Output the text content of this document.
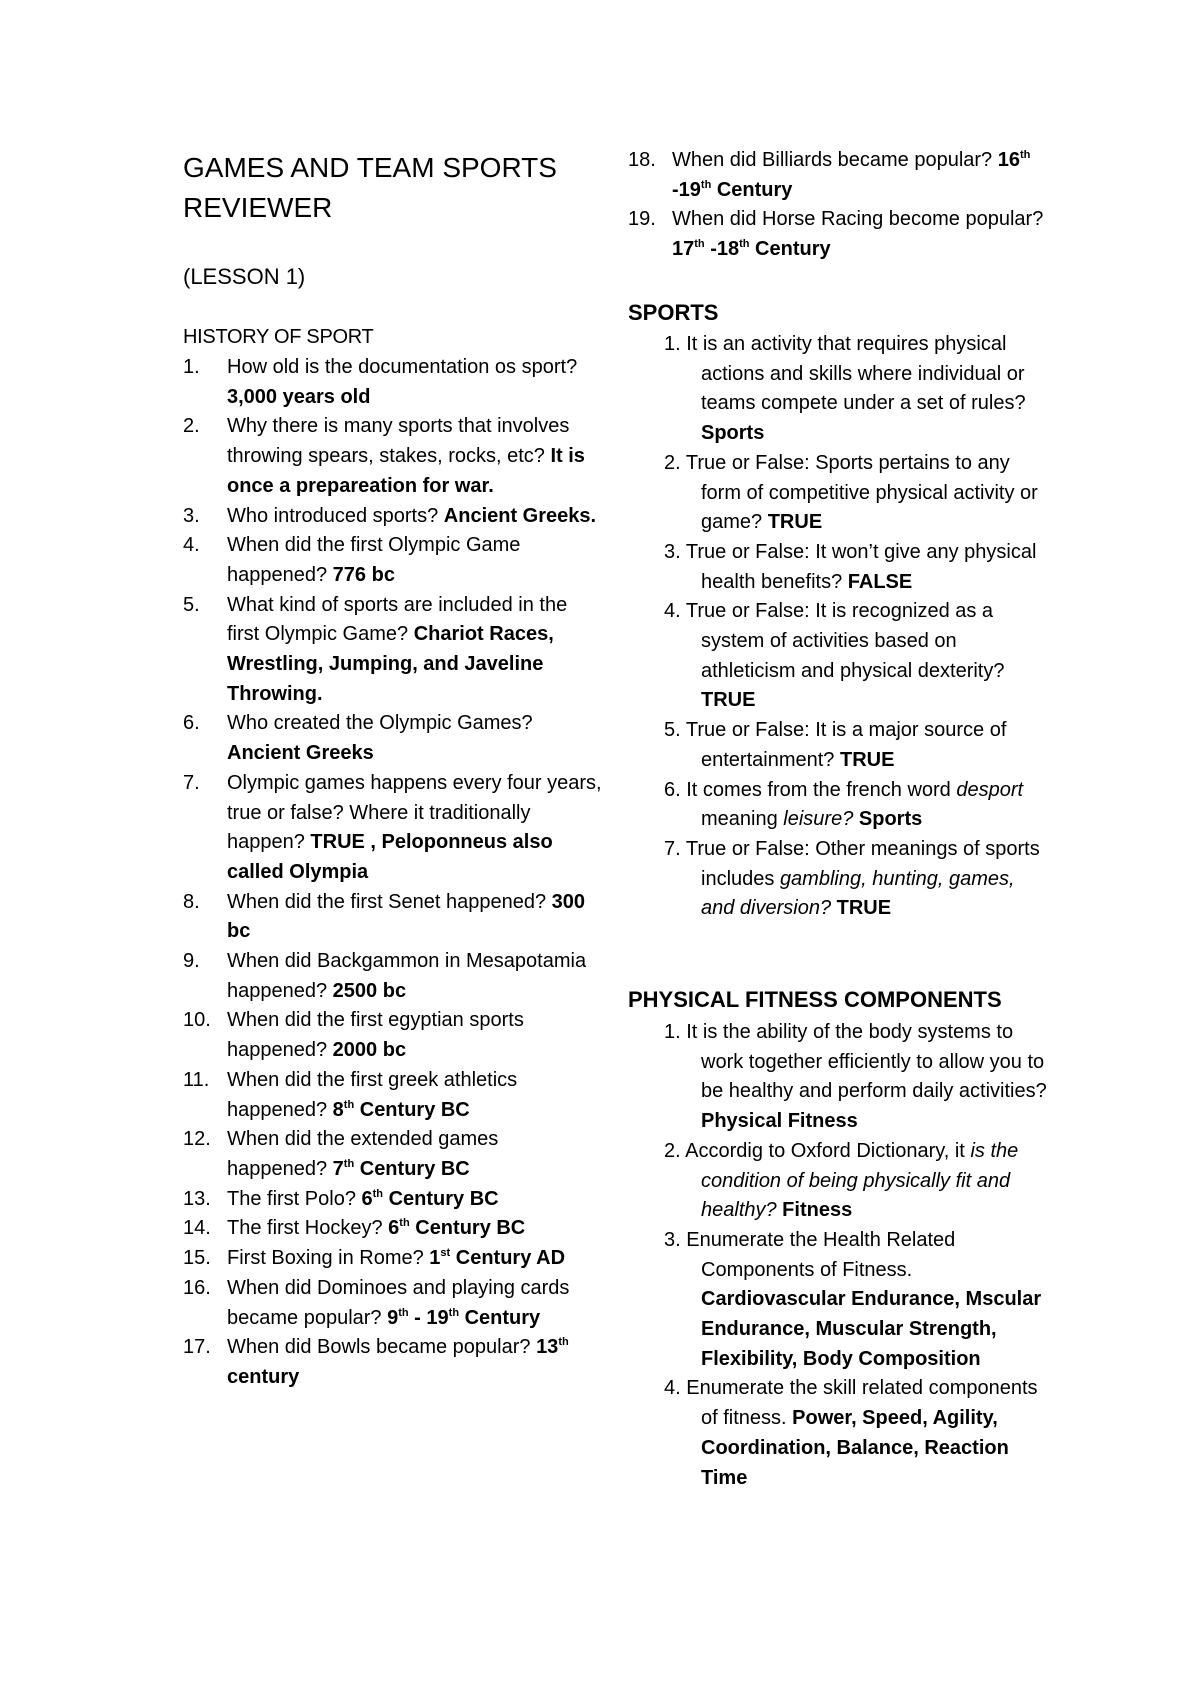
GAMES AND TEAM SPORTS REVIEWER
(LESSON 1)
HISTORY OF SPORT
1. How old is the documentation os sport? 3,000 years old
2. Why there is many sports that involves throwing spears, stakes, rocks, etc? It is once a prepareation for war.
3. Who introduced sports? Ancient Greeks.
4. When did the first Olympic Game happened? 776 bc
5. What kind of sports are included in the first Olympic Game? Chariot Races, Wrestling, Jumping, and Javeline Throwing.
6. Who created the Olympic Games? Ancient Greeks
7. Olympic games happens every four years, true or false? Where it traditionally happen? TRUE , Peloponneus also called Olympia
8. When did the first Senet happened? 300 bc
9. When did Backgammon in Mesapotamia happened? 2500 bc
10. When did the first egyptian sports happened? 2000 bc
11. When did the first greek athletics happened? 8th Century BC
12. When did the extended games happened? 7th Century BC
13. The first Polo? 6th Century BC
14. The first Hockey? 6th Century BC
15. First Boxing in Rome? 1st Century AD
16. When did Dominoes and playing cards became popular? 9th - 19th Century
17. When did Bowls became popular? 13th century
18. When did Billiards became popular? 16th -19th Century
19. When did Horse Racing become popular? 17th -18th Century
SPORTS
1. It is an activity that requires physical actions and skills where individual or teams compete under a set of rules? Sports
2. True or False: Sports pertains to any form of competitive physical activity or game? TRUE
3. True or False: It won’t give any physical health benefits? FALSE
4. True or False: It is recognized as a system of activities based on athleticism and physical dexterity? TRUE
5. True or False: It is a major source of entertainment? TRUE
6. It comes from the french word desport meaning leisure? Sports
7. True or False: Other meanings of sports includes gambling, hunting, games, and diversion? TRUE
PHYSICAL FITNESS COMPONENTS
1. It is the ability of the body systems to work together efficiently to allow you to be healthy and perform daily activities? Physical Fitness
2. Accordig to Oxford Dictionary, it is the condition of being physically fit and healthy? Fitness
3. Enumerate the Health Related Components of Fitness. Cardiovascular Endurance, Mscular Endurance, Muscular Strength, Flexibility, Body Composition
4. Enumerate the skill related components of fitness. Power, Speed, Agility, Coordination, Balance, Reaction Time
